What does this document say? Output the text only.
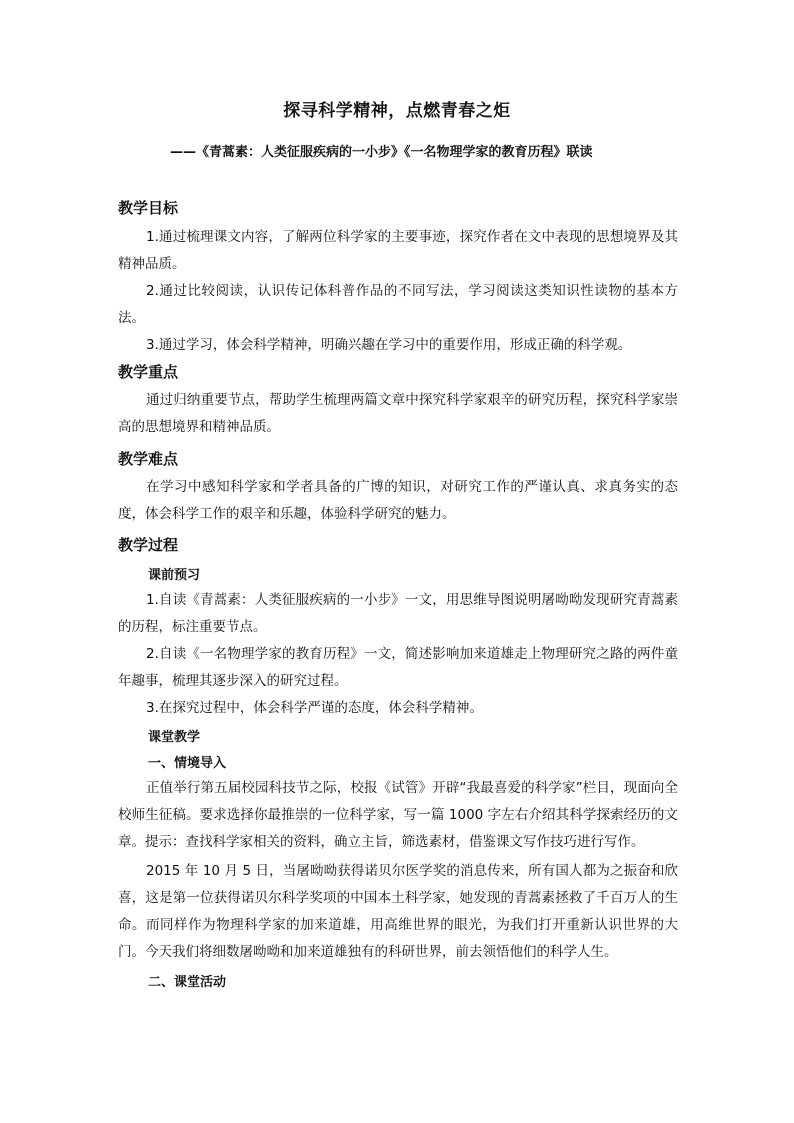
探寻科学精神，点燃青春之炬
——《青蒿素：人类征服疾病的一小步》《一名物理学家的教育历程》联读
教学目标
1.通过梳理课文内容，了解两位科学家的主要事迹，探究作者在文中表现的思想境界及其精神品质。
2.通过比较阅读，认识传记体科普作品的不同写法，学习阅读这类知识性读物的基本方法。
3.通过学习，体会科学精神，明确兴趣在学习中的重要作用，形成正确的科学观。
教学重点
通过归纳重要节点，帮助学生梳理两篇文章中探究科学家艰辛的研究历程，探究科学家崇高的思想境界和精神品质。
教学难点
在学习中感知科学家和学者具备的广博的知识，对研究工作的严谨认真、求真务实的态度，体会科学工作的艰辛和乐趣，体验科学研究的魅力。
教学过程
课前预习
1.自读《青蒿素：人类征服疾病的一小步》一文，用思维导图说明屠呦呦发现研究青蒿素的历程，标注重要节点。
2.自读《一名物理学家的教育历程》一文，简述影响加来道雄走上物理研究之路的两件童年趣事，梳理其逐步深入的研究过程。
3.在探究过程中，体会科学严谨的态度，体会科学精神。
课堂教学
一、情境导入
正值举行第五届校园科技节之际，校报《试管》开辟“我最喜爱的科学家”栏目，现面向全校师生征稿。要求选择你最推崇的一位科学家，写一篇 1000 字左右介绍其科学探索经历的文章。提示：查找科学家相关的资料，确立主旨，筛选素材，借鉴课文写作技巧进行写作。
2015 年 10 月 5 日，当屠呦呦获得诺贝尔医学奖的消息传来，所有国人都为之振奋和欣喜，这是第一位获得诺贝尔科学奖项的中国本土科学家，她发现的青蒿素拯救了千百万人的生命。而同样作为物理科学家的加来道雄，用高维世界的眼光，为我们打开重新认识世界的大门。今天我们将细数屠呦呦和加来道雄独有的科研世界，前去领悟他们的科学人生。
二、课堂活动
